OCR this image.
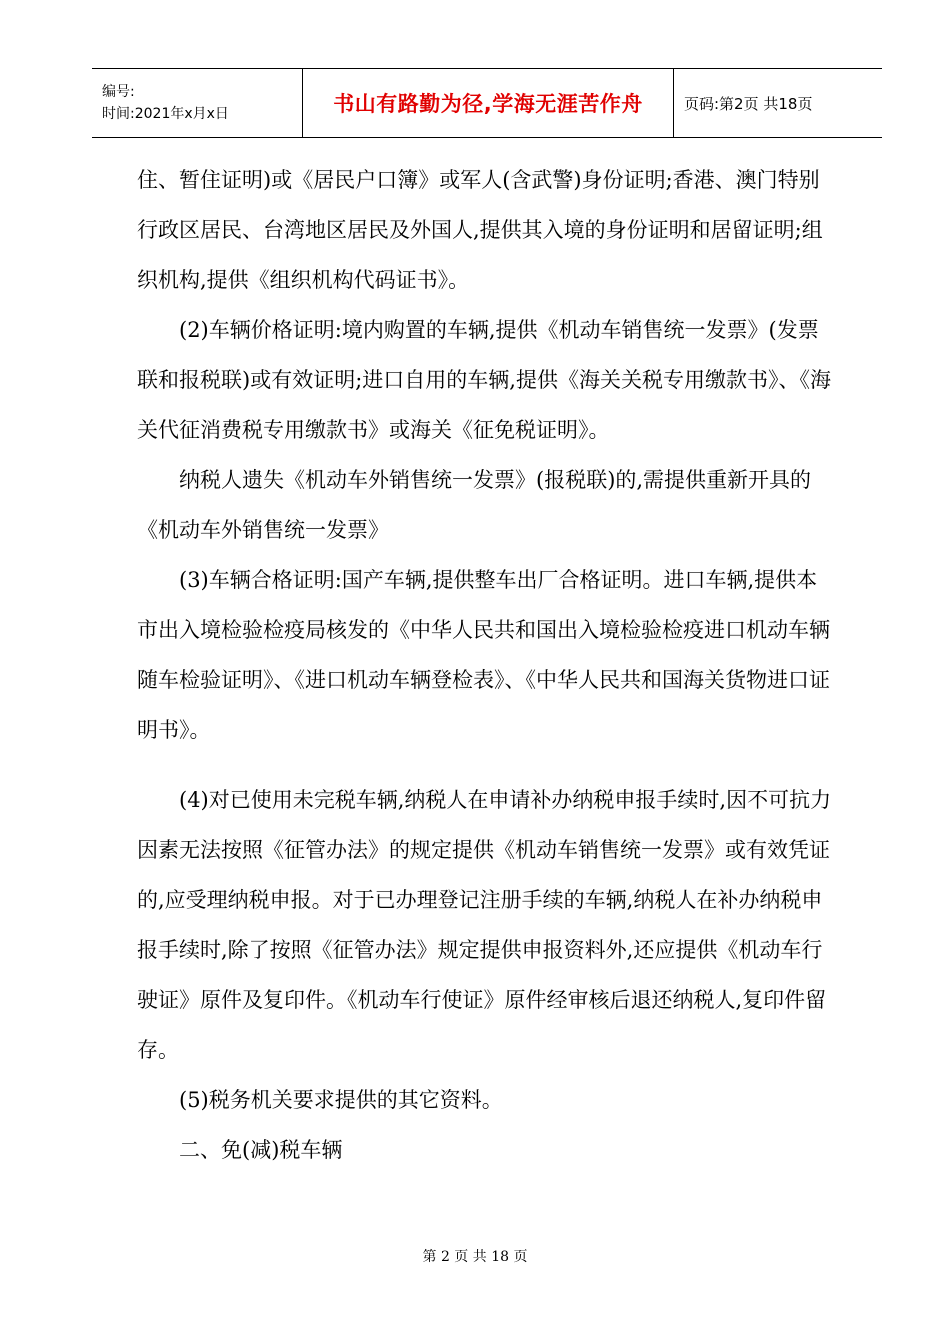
编号:
时间:2021年x月x日	书山有路勤为径,学海无涯苦作舟	页码:第2页 共18页

住、暂住证明)或《居民户口簿》或军人(含武警)身份证明;香港、澳门特别行政区居民、台湾地区居民及外国人,提供其入境的身份证明和居留证明;组织机构,提供《组织机构代码证书》。

(2)车辆价格证明:境内购置的车辆,提供《机动车销售统一发票》(发票联和报税联)或有效证明;进口自用的车辆,提供《海关关税专用缴款书》、《海关代征消费税专用缴款书》或海关《征免税证明》。

纳税人遗失《机动车外销售统一发票》(报税联)的,需提供重新开具的《机动车外销售统一发票》

(3)车辆合格证明:国产车辆,提供整车出厂合格证明。进口车辆,提供本市出入境检验检疫局核发的《中华人民共和国出入境检验检疫进口机动车辆随车检验证明》、《进口机动车辆登检表》、《中华人民共和国海关货物进口证明书》。

(4)对已使用未完税车辆,纳税人在申请补办纳税申报手续时,因不可抗力因素无法按照《征管办法》的规定提供《机动车销售统一发票》或有效凭证的,应受理纳税申报。对于已办理登记注册手续的车辆,纳税人在补办纳税申报手续时,除了按照《征管办法》规定提供申报资料外,还应提供《机动车行驶证》原件及复印件。《机动车行使证》原件经审核后退还纳税人,复印件留存。

(5)税务机关要求提供的其它资料。

二、免(减)税车辆

第 2 页 共 18 页
